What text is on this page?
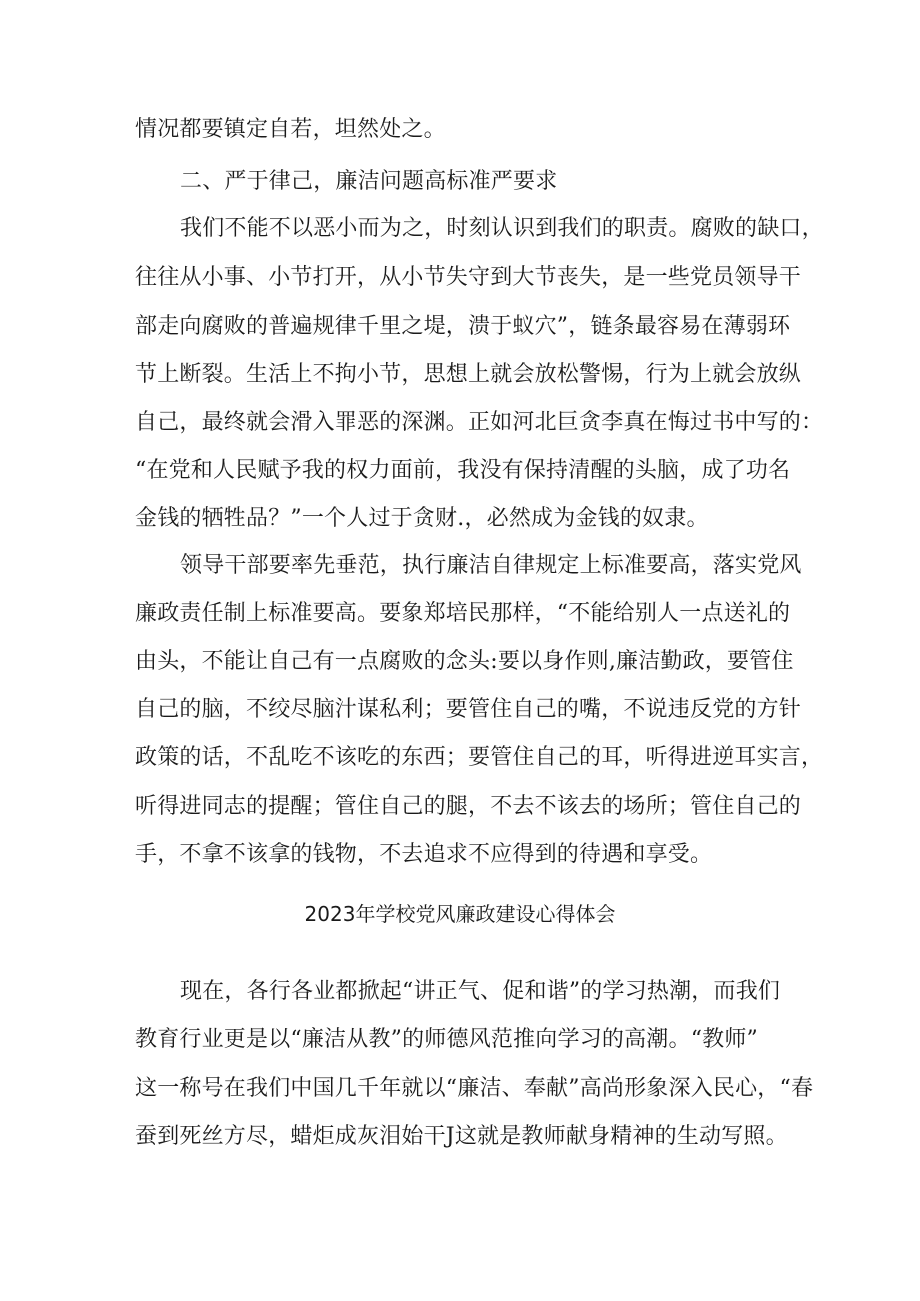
情况都要镇定自若，坦然处之。
二、严于律己，廉洁问题高标准严要求
我们不能不以恶小而为之，时刻认识到我们的职责。腐败的缺口，
往往从小事、小节打开，从小节失守到大节丧失，是一些党员领导干
部走向腐败的普遍规律千里之堤，溃于蚁穴”，链条最容易在薄弱环
节上断裂。生活上不拘小节，思想上就会放松警惕，行为上就会放纵
自己，最终就会滑入罪恶的深渊。正如河北巨贪李真在悔过书中写的：
“在党和人民赋予我的权力面前，我没有保持清醒的头脑，成了功名
金钱的牺牲品？”一个人过于贪财.，必然成为金钱的奴隶。
领导干部要率先垂范，执行廉洁自律规定上标准要高，落实党风
廉政责任制上标准要高。要象郑培民那样，“不能给别人一点送礼的
由头，不能让自己有一点腐败的念头:要以身作则,廉洁勤政，要管住
自己的脑，不绞尽脑汁谋私利；要管住自己的嘴，不说违反党的方针
政策的话，不乱吃不该吃的东西；要管住自己的耳，听得进逆耳实言，
听得进同志的提醒；管住自己的腿，不去不该去的场所；管住自己的
手，不拿不该拿的钱物，不去追求不应得到的待遇和享受。
2023年学校党风廉政建设心得体会
现在，各行各业都掀起“讲正气、促和谐”的学习热潮，而我们
教育行业更是以“廉洁从教”的师德风范推向学习的高潮。“教师”
这一称号在我们中国几千年就以“廉洁、奉献”高尚形象深入民心，“春
蚕到死丝方尽，蜡炬成灰泪始干J这就是教师献身精神的生动写照。
